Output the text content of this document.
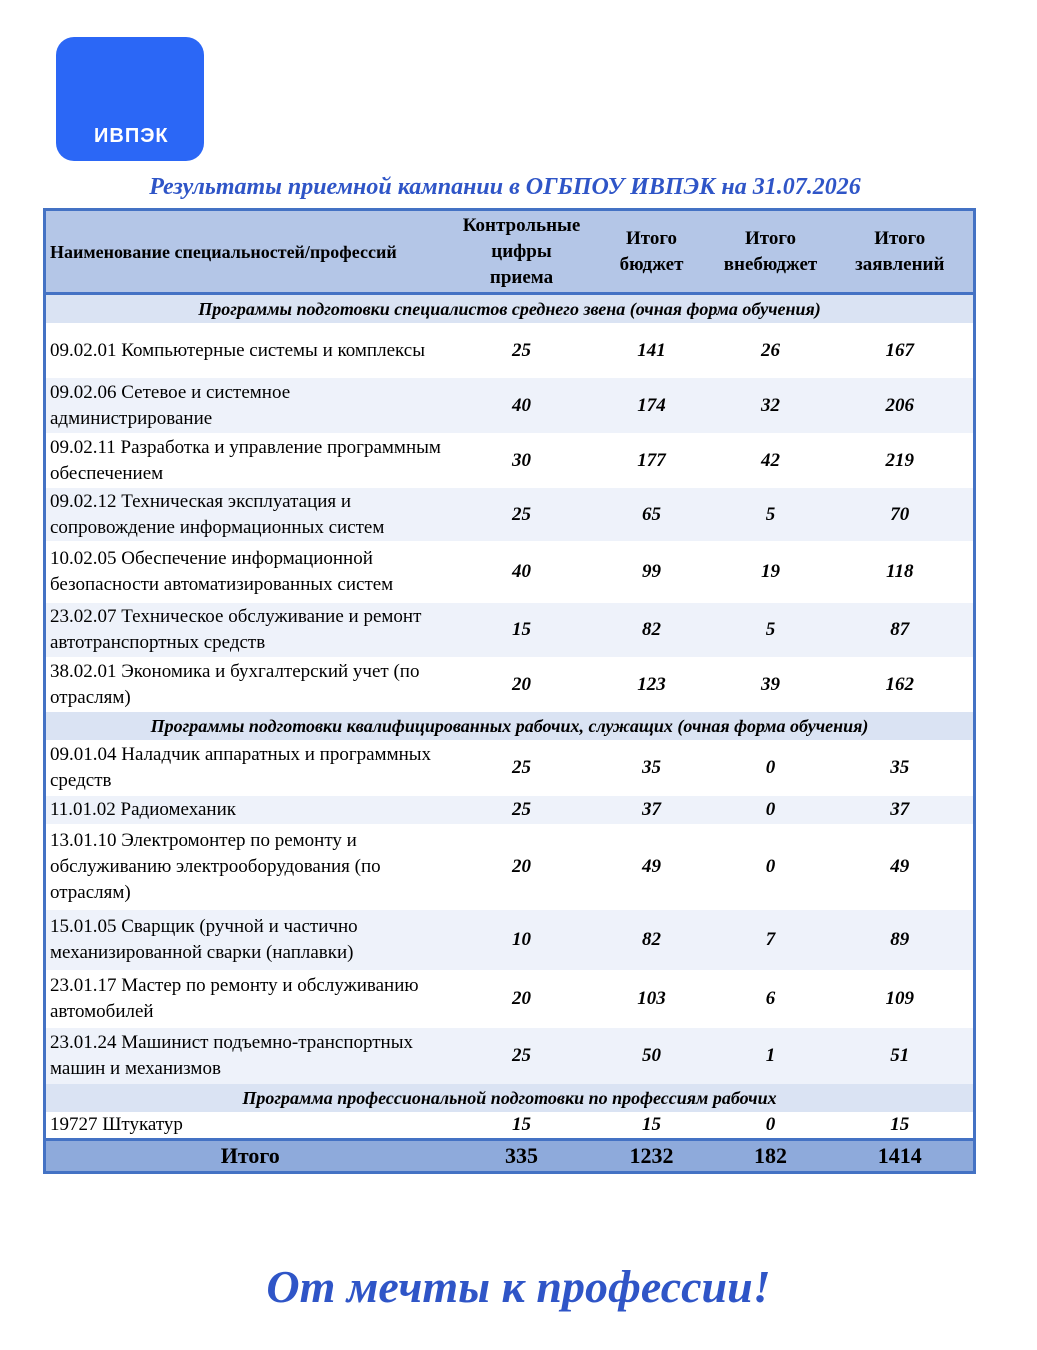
ИВПЭК
Результаты приемной кампании в ОГБПОУ ИВПЭК на 31.07.2026
Наименование специальностей/профессий	Контрольные цифры приема	Итого бюджет	Итого внебюджет	Итого заявлений
Программы подготовки специалистов среднего звена (очная форма обучения)				
09.02.01 Компьютерные системы и комплексы	25	141	26	167
09.02.06 Сетевое и системное администрирование	40	174	32	206
09.02.11 Разработка и управление программным обеспечением	30	177	42	219
09.02.12 Техническая эксплуатация и сопровождение информационных систем	25	65	5	70
10.02.05 Обеспечение информационной безопасности автоматизированных систем	40	99	19	118
23.02.07 Техническое обслуживание и ремонт автотранспортных средств	15	82	5	87
38.02.01 Экономика и бухгалтерский учет (по отраслям)	20	123	39	162
Программы подготовки квалифицированных рабочих, служащих (очная форма обучения)				
09.01.04 Наладчик аппаратных и программных средств	25	35	0	35
11.01.02 Радиомеханик	25	37	0	37
13.01.10 Электромонтер по ремонту и обслуживанию электрооборудования (по отраслям)	20	49	0	49
15.01.05 Сварщик (ручной и частично механизированной сварки (наплавки)	10	82	7	89
23.01.17 Мастер по ремонту и обслуживанию автомобилей	20	103	6	109
23.01.24 Машинист подъемно-транспортных машин и механизмов	25	50	1	51
Программа профессиональной подготовки по профессиям рабочих				
19727 Штукатур	15	15	0	15
Итого	335	1232	182	1414
От мечты к профессии!
